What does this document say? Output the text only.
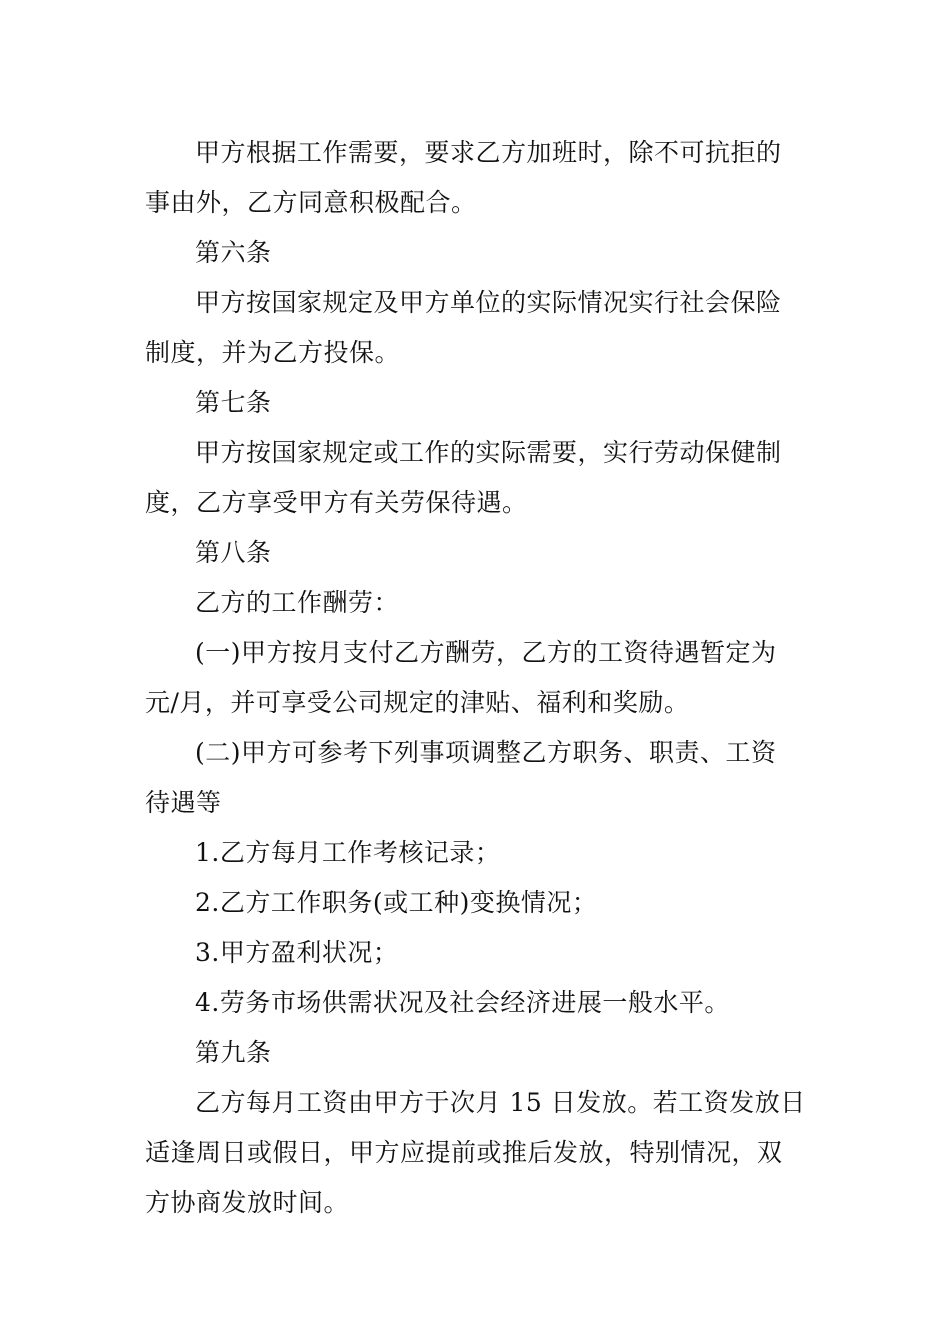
甲方根据工作需要，要求乙方加班时，除不可抗拒的
事由外，乙方同意积极配合。

第六条

甲方按国家规定及甲方单位的实际情况实行社会保险
制度，并为乙方投保。

第七条

甲方按国家规定或工作的实际需要，实行劳动保健制
度，乙方享受甲方有关劳保待遇。

第八条

乙方的工作酬劳：

(一)甲方按月支付乙方酬劳，乙方的工资待遇暂定为
元/月，并可享受公司规定的津贴、福利和奖励。

(二)甲方可参考下列事项调整乙方职务、职责、工资
待遇等

1.乙方每月工作考核记录；

2.乙方工作职务(或工种)变换情况；

3.甲方盈利状况；

4.劳务市场供需状况及社会经济进展一般水平。

第九条

乙方每月工资由甲方于次月 15 日发放。若工资发放日
适逢周日或假日，甲方应提前或推后发放，特别情况，双
方协商发放时间。
